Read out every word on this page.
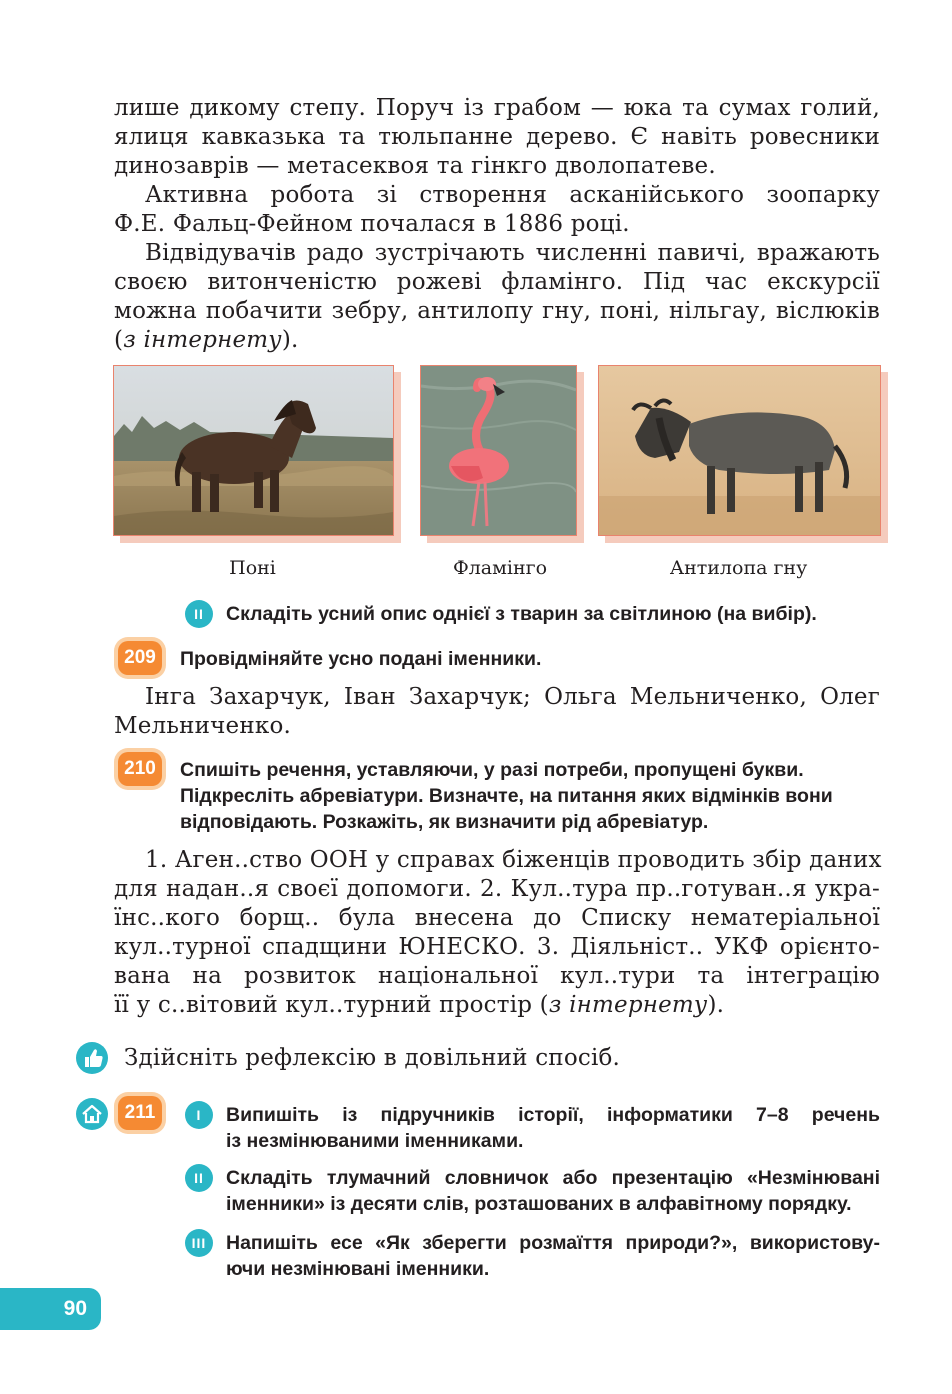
лише дикому степу. Поруч із грабом — юка та сумах голий,
ялиця кавказька та тюльпанне дерево. Є навіть ровесники
динозаврів — метасеквоя та гінкго дволопатеве.
Активна робота зі створення асканійського зоопарку
Ф.Е. Фальц-Фейном почалася в 1886 році.
Відвідувачів радо зустрічають численні павичі, вражають
своєю витонченістю рожеві фламінго. Під час екскурсії
можна побачити зебру, антилопу гну, поні, нільгау, віслюків
(з інтернету).
Поні	Фламінго	Антилопа гну
II	Складіть усний опис однієї з тварин за світлиною (на вибір).
209	Провідміняйте усно подані іменники.
Інга Захарчук, Іван Захарчук; Ольга Мельниченко, Олег
Мельниченко.
210	Спишіть речення, уставляючи, у разі потреби, пропущені букви.
Підкресліть абревіатури. Визначте, на питання яких відмінків вони
відповідають. Розкажіть, як визначити рід абревіатур.
1. Аген..ство ООН у справах біженців проводить збір даних
для надан..я своєї допомоги. 2. Кул..тура пр..готуван..я укра-
їнс..кого борщ.. була внесена до Списку нематеріальної
кул..турної спадщини ЮНЕСКО. 3. Діяльніст.. УКФ орієнто-
вана на розвиток національної кул..тури та інтеграцію
її у с..вітовий кул..турний простір (з інтернету).
Здійсніть рефлексію в довільний спосіб.
211	I	Випишіть із підручників історії, інформатики 7–8 речень
із незмінюваними іменниками.
II	Складіть тлумачний словничок або презентацію «Незмінювані
іменники» із десяти слів, розташованих в алфавітному порядку.
III	Напишіть есе «Як зберегти розмаїття природи?», використову-
ючи незмінювані іменники.
90
